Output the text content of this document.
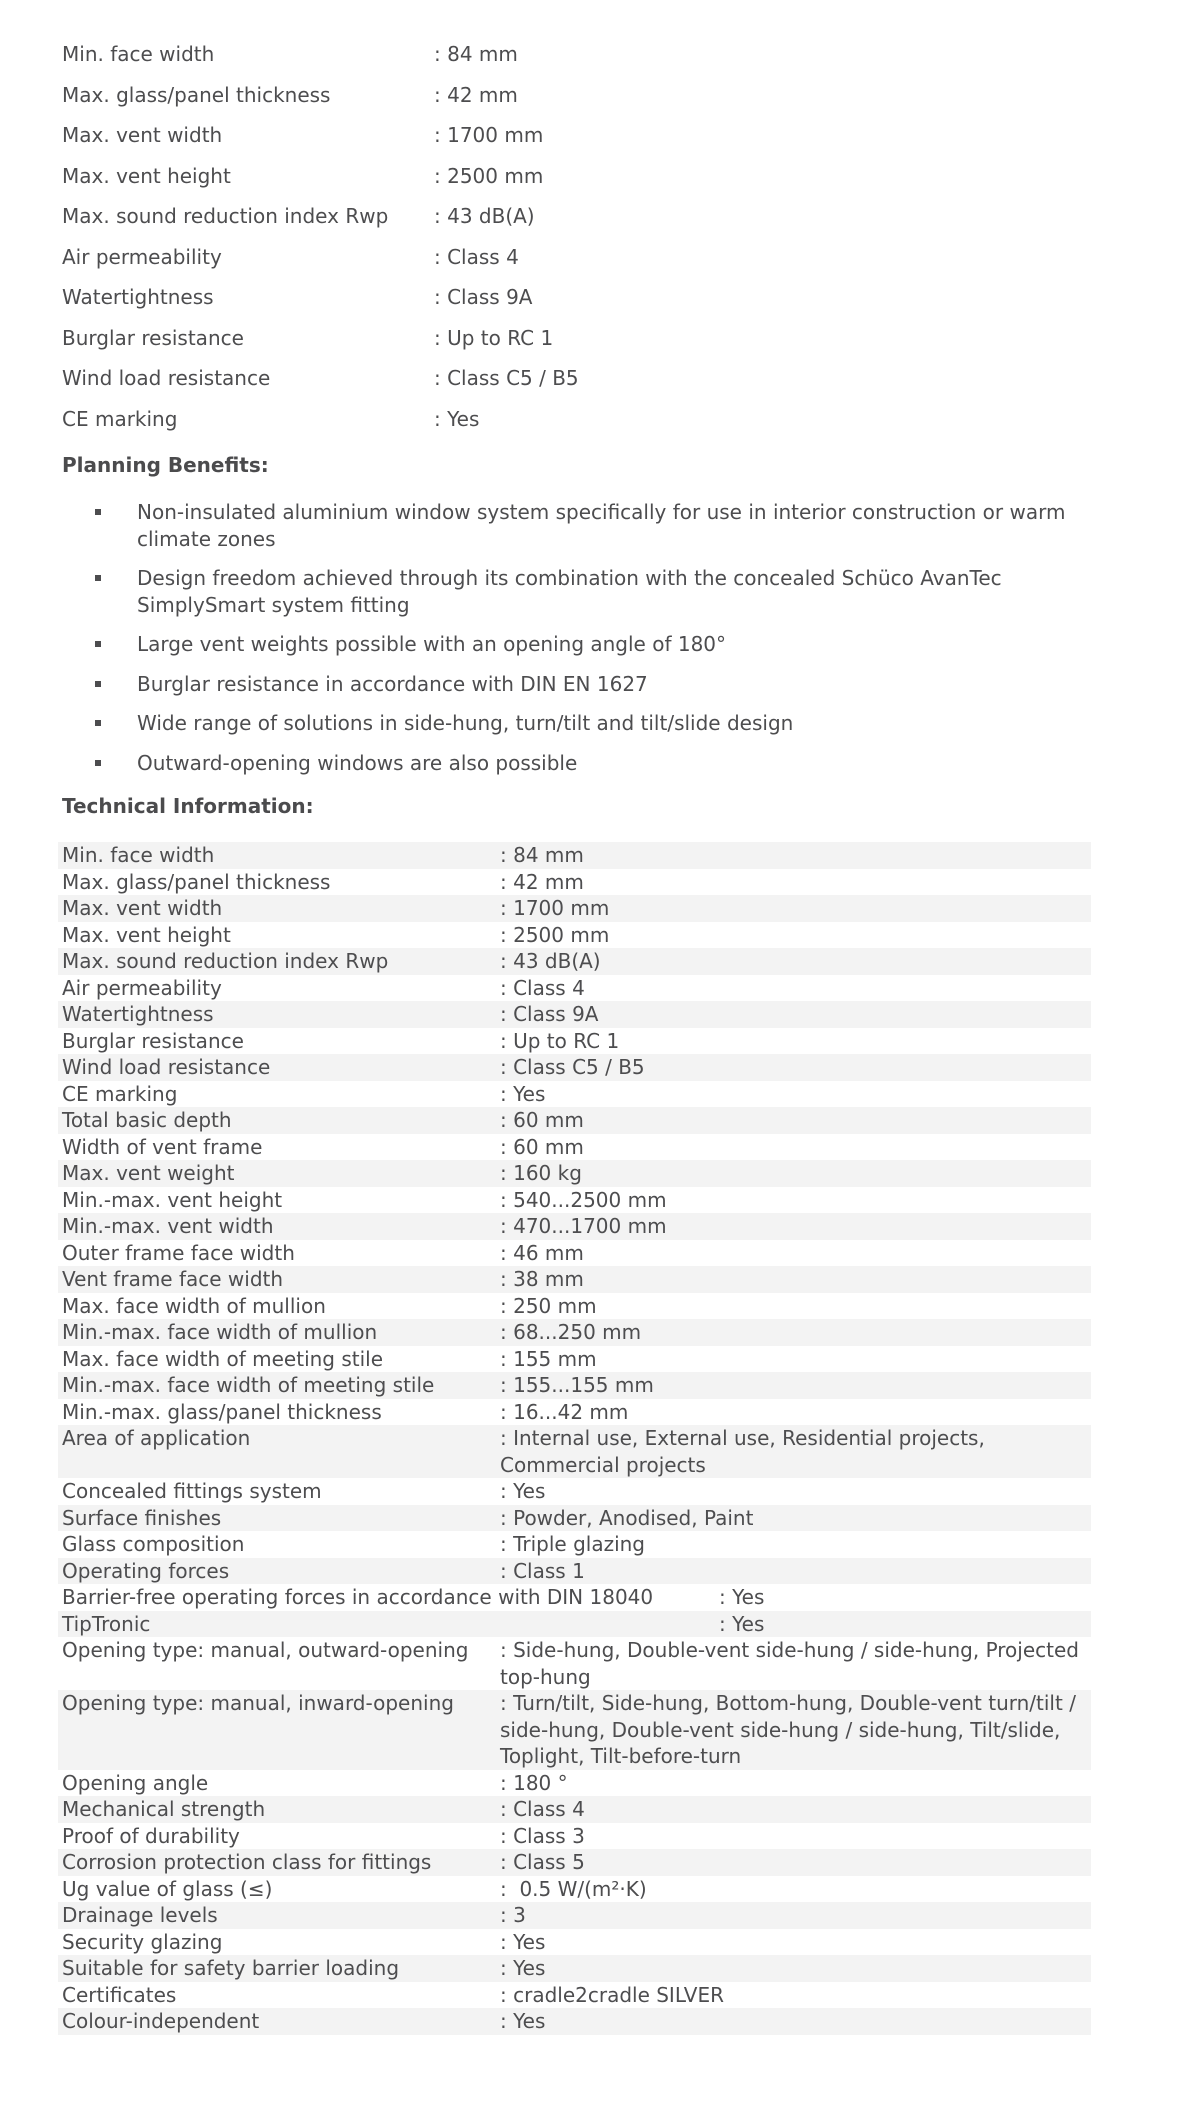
Min. face width	: 84 mm
Max. glass/panel thickness	: 42 mm
Max. vent width	: 1700 mm
Max. vent height	: 2500 mm
Max. sound reduction index Rwp	: 43 dB(A)
Air permeability	: Class 4
Watertightness	: Class 9A
Burglar resistance	: Up to RC 1
Wind load resistance	: Class C5 / B5
CE marking	: Yes
Planning Benefits:
Non-insulated aluminium window system specifically for use in interior construction or warm climate zones
Design freedom achieved through its combination with the concealed Schüco AvanTec SimplySmart system fitting
Large vent weights possible with an opening angle of 180°
Burglar resistance in accordance with DIN EN 1627
Wide range of solutions in side-hung, turn/tilt and tilt/slide design
Outward-opening windows are also possible
Technical Information:
Min. face width	: 84 mm
Max. glass/panel thickness	: 42 mm
Max. vent width	: 1700 mm
Max. vent height	: 2500 mm
Max. sound reduction index Rwp	: 43 dB(A)
Air permeability	: Class 4
Watertightness	: Class 9A
Burglar resistance	: Up to RC 1
Wind load resistance	: Class C5 / B5
CE marking	: Yes
Total basic depth	: 60 mm
Width of vent frame	: 60 mm
Max. vent weight	: 160 kg
Min.-max. vent height	: 540...2500 mm
Min.-max. vent width	: 470...1700 mm
Outer frame face width	: 46 mm
Vent frame face width	: 38 mm
Max. face width of mullion	: 250 mm
Min.-max. face width of mullion	: 68...250 mm
Max. face width of meeting stile	: 155 mm
Min.-max. face width of meeting stile	: 155...155 mm
Min.-max. glass/panel thickness	: 16...42 mm
Area of application	: Internal use, External use, Residential projects, Commercial projects
Concealed fittings system	: Yes
Surface finishes	: Powder, Anodised, Paint
Glass composition	: Triple glazing
Operating forces	: Class 1
Barrier-free operating forces in accordance with DIN 18040	: Yes
TipTronic	: Yes
Opening type: manual, outward-opening	: Side-hung, Double-vent side-hung / side-hung, Projected top-hung
Opening type: manual, inward-opening	: Turn/tilt, Side-hung, Bottom-hung, Double-vent turn/tilt / side-hung, Double-vent side-hung / side-hung, Tilt/slide, Toplight, Tilt-before-turn
Opening angle	: 180 °
Mechanical strength	: Class 4
Proof of durability	: Class 3
Corrosion protection class for fittings	: Class 5
Ug value of glass (≤)	:  0.5 W/(m²·K)
Drainage levels	: 3
Security glazing	: Yes
Suitable for safety barrier loading	: Yes
Certificates	: cradle2cradle SILVER
Colour-independent	: Yes
